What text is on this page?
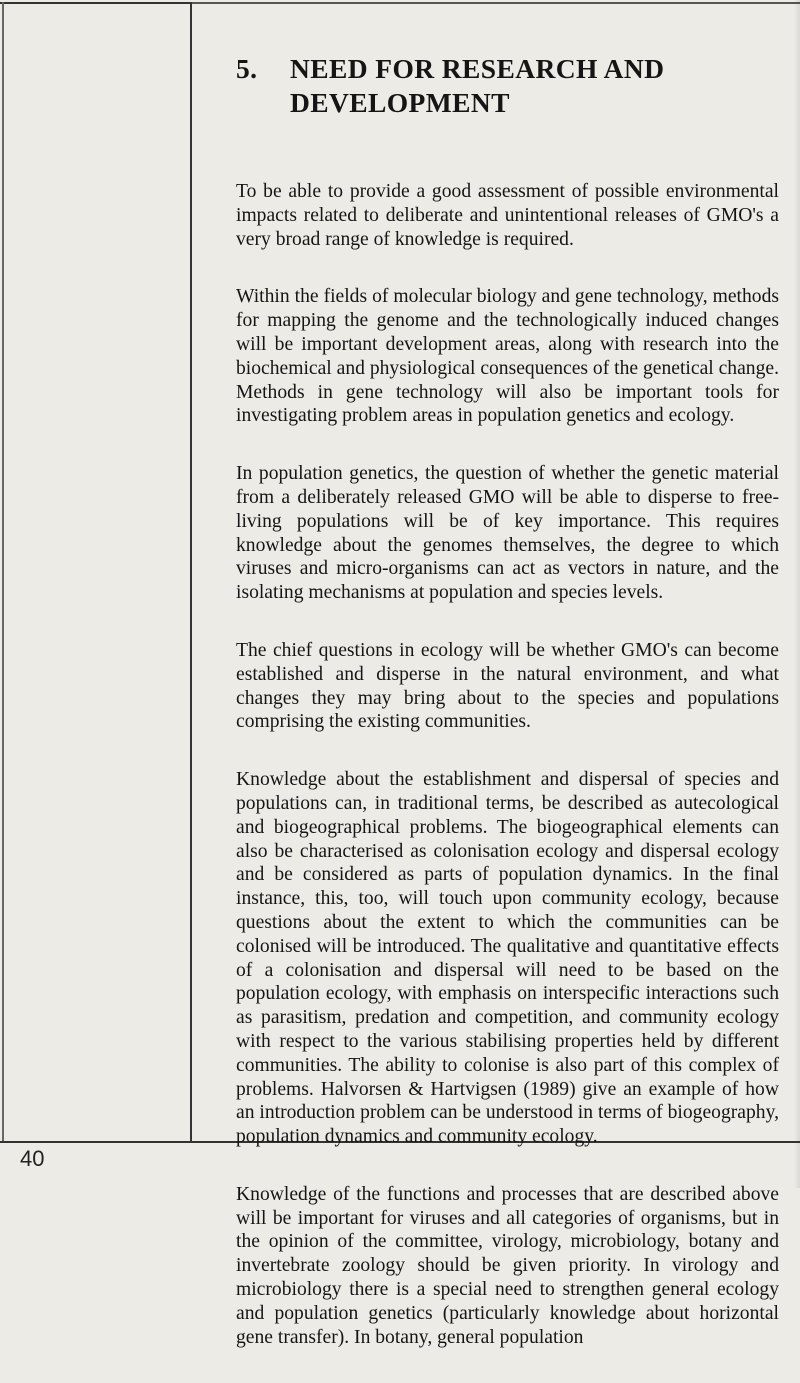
40
5.	NEED FOR RESEARCH AND DEVELOPMENT

To be able to provide a good assessment of possible environmental impacts related to deliberate and unintentional releases of GMO's a very broad range of knowledge is required.

Within the fields of molecular biology and gene technology, methods for mapping the genome and the technologically induced changes will be important development areas, along with research into the biochemical and physiological consequences of the genetical change. Methods in gene technology will also be important tools for investigating problem areas in population genetics and ecology.

In population genetics, the question of whether the genetic material from a deliberately released GMO will be able to disperse to free-living populations will be of key importance. This requires knowledge about the genomes themselves, the degree to which viruses and micro-organisms can act as vectors in nature, and the isolating mechanisms at population and species levels.

The chief questions in ecology will be whether GMO's can become established and disperse in the natural environment, and what changes they may bring about to the species and populations comprising the existing communities.

Knowledge about the establishment and dispersal of species and populations can, in traditional terms, be described as autecological and biogeographical problems. The biogeographical elements can also be characterised as colonisation ecology and dispersal ecology and be considered as parts of population dynamics. In the final instance, this, too, will touch upon community ecology, because questions about the extent to which the communities can be colonised will be introduced. The qualitative and quantitative effects of a colonisation and dispersal will need to be based on the population ecology, with emphasis on interspecific interactions such as parasitism, predation and competition, and community ecology with respect to the various stabilising properties held by different communities. The ability to colonise is also part of this complex of problems. Halvorsen & Hartvigsen (1989) give an example of how an introduction problem can be understood in terms of biogeography, population dynamics and community ecology.

Knowledge of the functions and processes that are described above will be important for viruses and all categories of organisms, but in the opinion of the committee, virology, microbiology, botany and invertebrate zoology should be given priority. In virology and microbiology there is a special need to strengthen general ecology and population genetics (particularly knowledge about horizontal gene transfer). In botany, general population
